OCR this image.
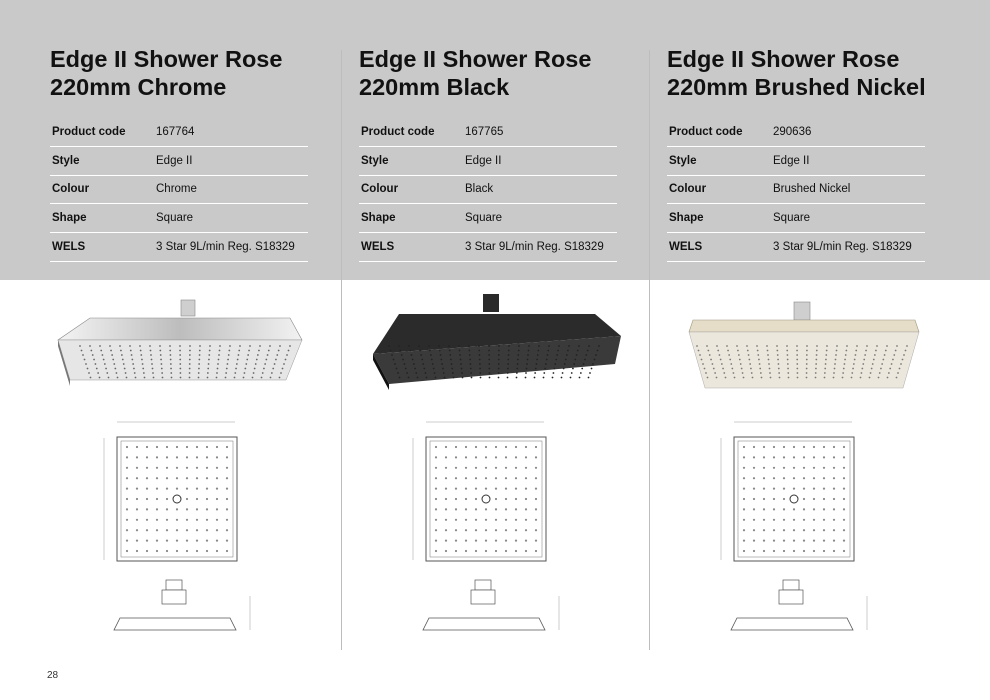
Edge II Shower Rose
220mm Chrome
Product code	167764
Style	Edge II
Colour	Chrome
Shape	Square
WELS	3 Star 9L/min Reg. S18329
Edge II Shower Rose
220mm Black
Product code	167765
Style	Edge II
Colour	Black
Shape	Square
WELS	3 Star 9L/min Reg. S18329
Edge II Shower Rose
220mm Brushed Nickel
Product code	290636
Style	Edge II
Colour	Brushed Nickel
Shape	Square
WELS	3 Star 9L/min Reg. S18329
28
